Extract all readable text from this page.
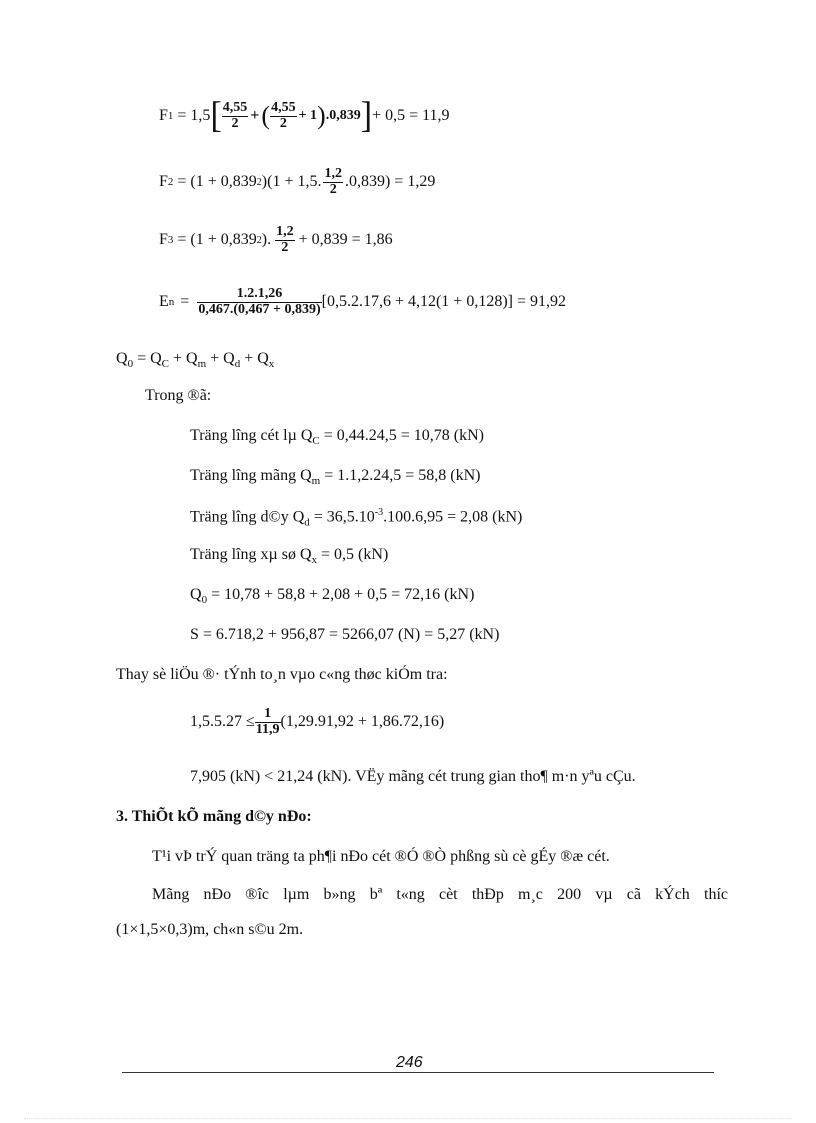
F 1 = 1,5 [ $\frac{4,55}{2}$ + ( $\frac{4,55}{2} + 1$ ) .0,839 ] + 0,5 = 11,9
F 2 = (1 + 0,839 2 )(1 + 1,5. $\frac{1,2}{2} .0,839) = 1,29$
F 3 = (1 + 0,839 2 ). $\frac{1,2}{2} + 0,839 = 1,86$
E $n = \frac{1.2.1,26}{0,467.(0,467 + 0,839)} [0,5.2.17,6 + 4,12(1 + 0,128)] = 91,92$
$Q_0 = Q_C + Q_m + Q_d + Q_x$
Trong ®ã:
Träng lîng cét lµ $Q_C = 0,44.24,5 = 10,78$ (kN)
Träng lîng mãng $Q_m = 1.1,2.24,5 = 58,8$ (kN)
Träng lîng d©y $Q_d = 36,5.10^{-3}.100.6,95 = 2,08$ (kN)
Träng lîng xµ sø $Q_x = 0,5$ (kN)
$Q_0 = 10,78 + 58,8 + 2,08 + 0,5 = 72,16$ (kN)
S = 6.718,2 + 956,87 = 5266,07 (N) = 5,27 (kN)
Thay sè liÖu ®· tÝnh to¸n vµo c«ng thøc kiÓm tra:
$1,5.5.27 \le \frac{1}{11,9} (1,29.91,92 + 1,86.72,16)$
7,905 (kN) < 21,24 (kN). VËy mãng cét trung gian tho¶ m·n yªu cÇu.
3. ThiÕt kÕ mãng d©y nÐo:
T¹i vÞ trÝ quan träng ta ph¶i nÐo cét ®Ó ®Ò phßng sù cè gÉy ®æ cét.
Mãng nÐo ®îc lµm b»ng bª t«ng cèt thÐp m¸c 200 vµ cã kÝch thíc
(1×1,5×0,3)m, ch«n s©u 2m.
246
